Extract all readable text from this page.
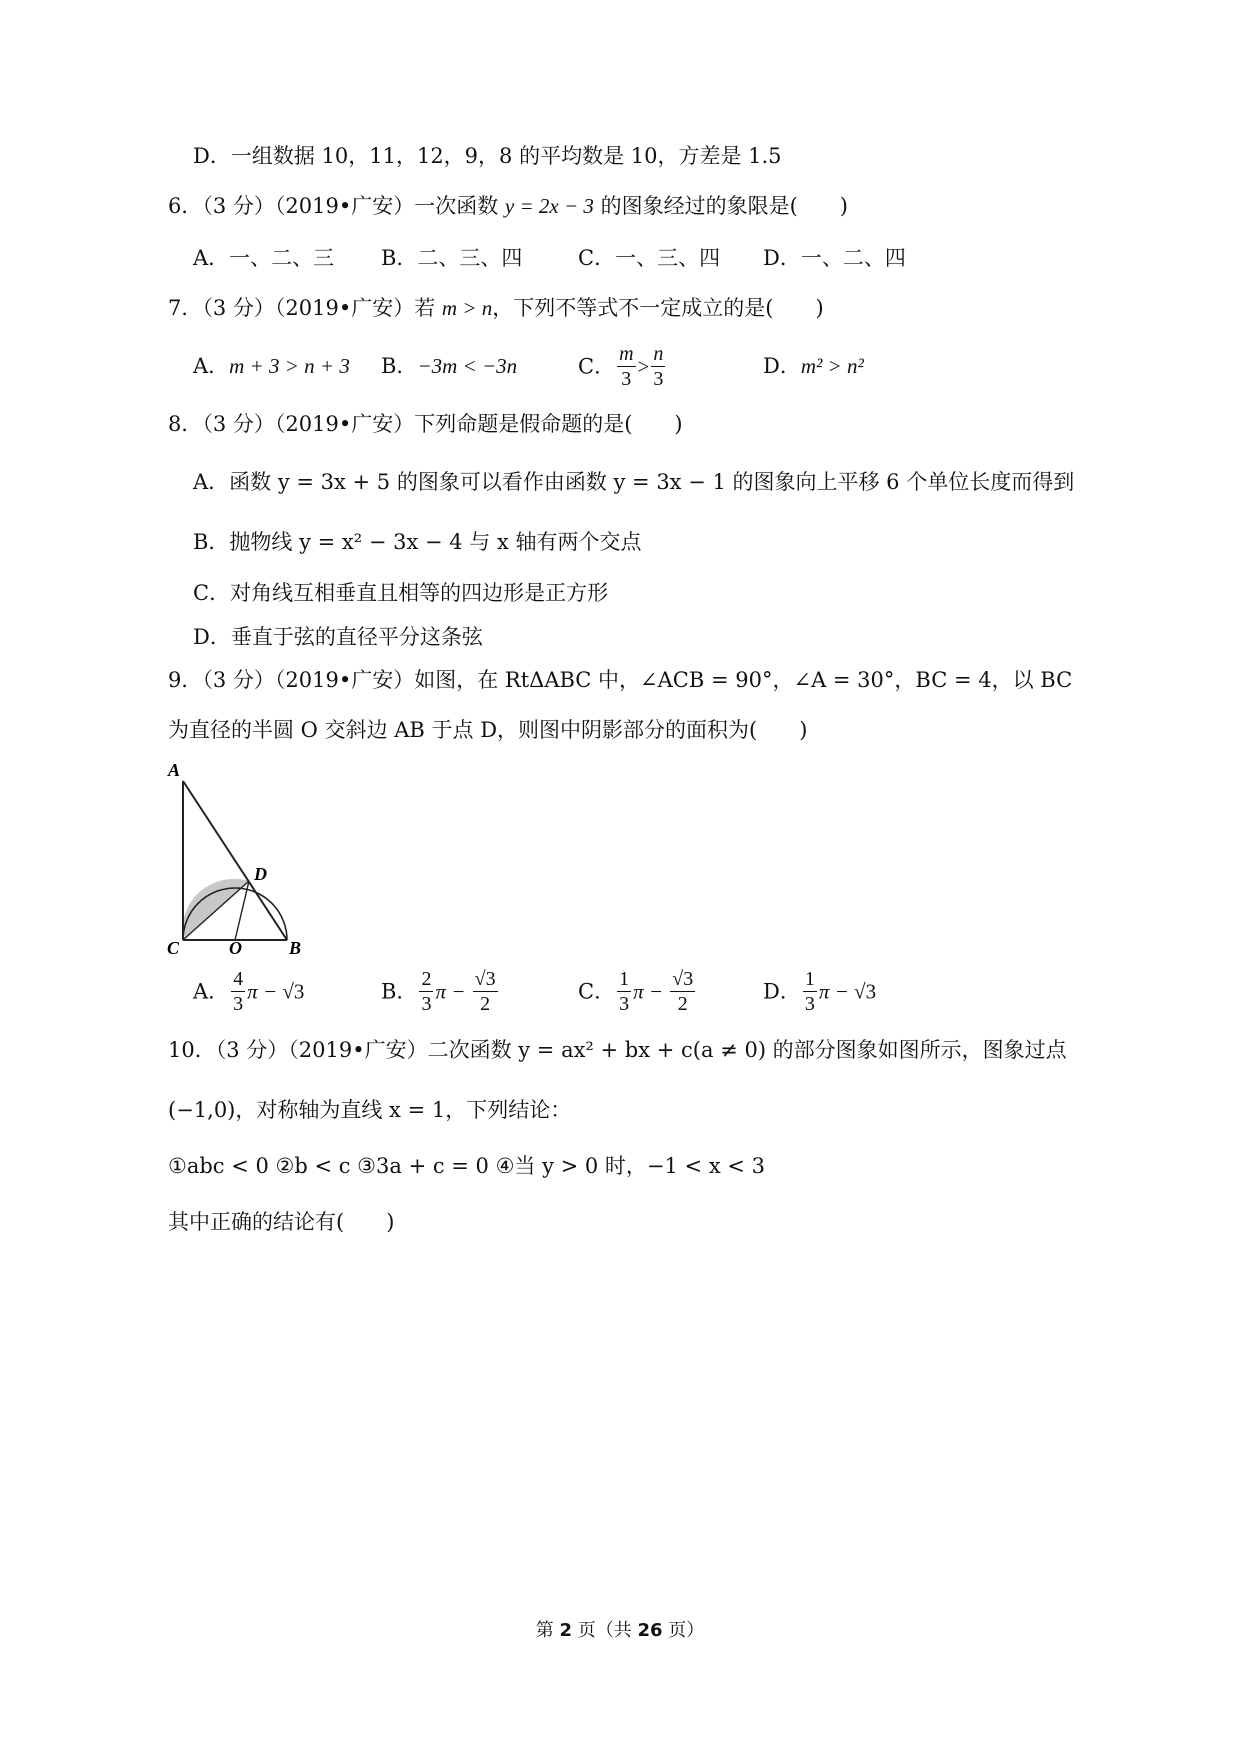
D．一组数据 10，11，12，9，8 的平均数是 10，方差是 1.5
6．（3 分）（2019•广安）一次函数 y = 2x − 3 的图象经过的象限是(　　)
A．一、二、三 B．二、三、四	C．一、三、四 D．一、二、四
7．（3 分）（2019•广安）若 m > n，下列不等式不一定成立的是(　　)
A．m + 3 > n + 3 B．−3m < −3n	C． $\frac{m}{3} > \frac{n}{3}$	D．m² > n²
8．（3 分）（2019•广安）下列命题是假命题的是(　　)
A．函数 y = 3x + 5 的图象可以看作由函数 y = 3x − 1 的图象向上平移 6 个单位长度而得到
B．抛物线 y = x² − 3x − 4 与 x 轴有两个交点
C．对角线互相垂直且相等的四边形是正方形
D．垂直于弦的直径平分这条弦
9．（3 分）（2019•广安）如图，在 RtΔABC 中，∠ACB = 90°，∠A = 30°，BC = 4，以 BC
为直径的半圆 O 交斜边 AB 于点 D，则图中阴影部分的面积为(　　)
A
D
C	O	B
A． $\frac{4}{3}$ π − √3	B． $\frac{2}{3}$ $\pi - \frac{√3}{2}$	C． $\frac{1}{3}$ $\pi - \frac{√3}{2}$	D． $\frac{1}{3}$ π − √3
10．（3 分）（2019•广安）二次函数 y = ax² + bx + c(a ≠ 0) 的部分图象如图所示，图象过点
(−1,0)，对称轴为直线 x = 1，下列结论：
①abc < 0 ②b < c ③3a + c = 0 ④当 y > 0 时，−1 < x < 3
其中正确的结论有(　　)
第 2 页（共 26 页）
